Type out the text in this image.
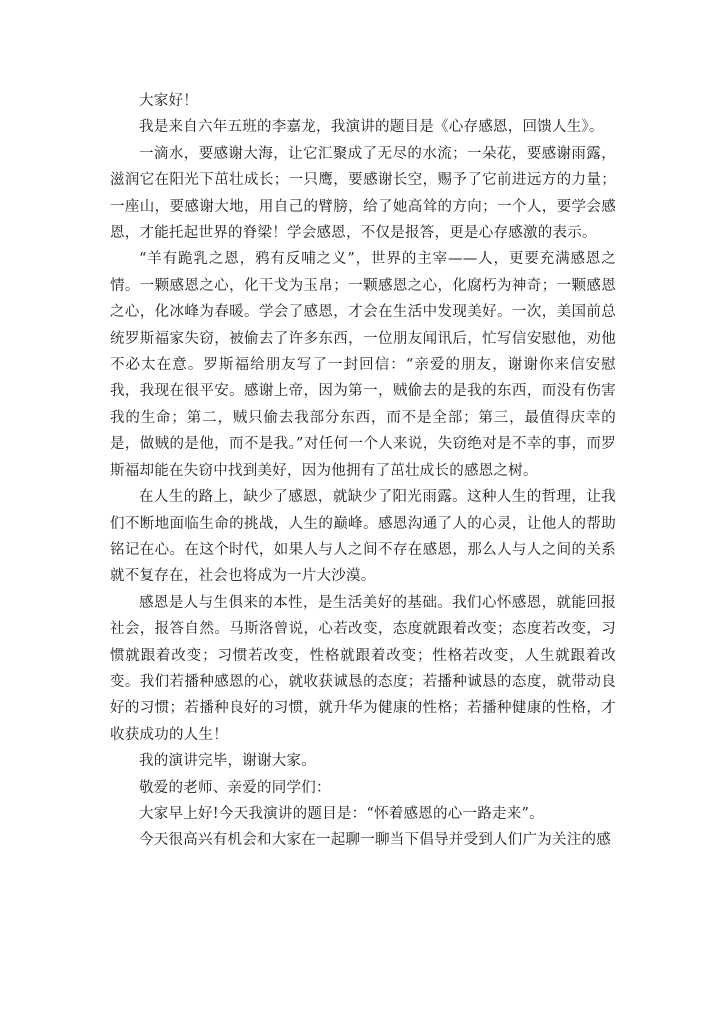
大家好！

我是来自六年五班的李嘉龙，我演讲的题目是《心存感恩，回馈人生》。

一滴水，要感谢大海，让它汇聚成了无尽的水流；一朵花，要感谢雨露，滋润它在阳光下茁壮成长；一只鹰，要感谢长空，赐予了它前进远方的力量；一座山，要感谢大地，用自己的臂膀，给了她高耸的方向；一个人，要学会感恩，才能托起世界的脊梁！学会感恩，不仅是报答，更是心存感激的表示。

“羊有跪乳之恩，鸦有反哺之义”，世界的主宰——人，更要充满感恩之情。一颗感恩之心，化干戈为玉帛；一颗感恩之心，化腐朽为神奇；一颗感恩之心，化冰峰为春暖。学会了感恩，才会在生活中发现美好。一次，美国前总统罗斯福家失窃，被偷去了许多东西，一位朋友闻讯后，忙写信安慰他，劝他不必太在意。罗斯福给朋友写了一封回信：“亲爱的朋友，谢谢你来信安慰我，我现在很平安。感谢上帝，因为第一，贼偷去的是我的东西，而没有伤害我的生命；第二，贼只偷去我部分东西，而不是全部；第三，最值得庆幸的是，做贼的是他，而不是我。”对任何一个人来说，失窃绝对是不幸的事，而罗斯福却能在失窃中找到美好，因为他拥有了茁壮成长的感恩之树。

在人生的路上，缺少了感恩，就缺少了阳光雨露。这种人生的哲理，让我们不断地面临生命的挑战，人生的巅峰。感恩沟通了人的心灵，让他人的帮助铭记在心。在这个时代，如果人与人之间不存在感恩，那么人与人之间的关系就不复存在，社会也将成为一片大沙漠。

感恩是人与生俱来的本性，是生活美好的基础。我们心怀感恩，就能回报社会，报答自然。马斯洛曾说，心若改变，态度就跟着改变；态度若改变，习惯就跟着改变；习惯若改变，性格就跟着改变；性格若改变，人生就跟着改变。我们若播种感恩的心，就收获诚恳的态度；若播种诚恳的态度，就带动良好的习惯；若播种良好的习惯，就升华为健康的性格；若播种健康的性格，才收获成功的人生！

我的演讲完毕，谢谢大家。

敬爱的老师、亲爱的同学们：

大家早上好!今天我演讲的题目是：“怀着感恩的心一路走来”。

今天很高兴有机会和大家在一起聊一聊当下倡导并受到人们广为关注的感
